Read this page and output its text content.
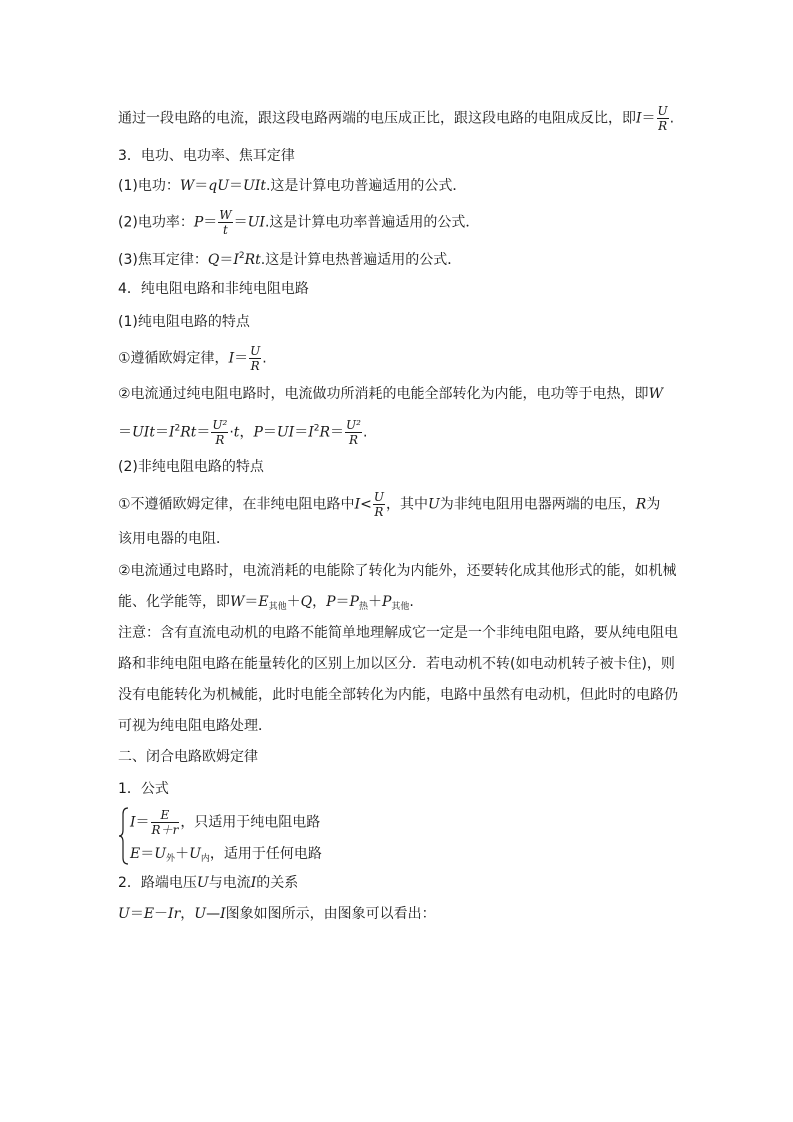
通过一段电路的电流，跟这段电路两端的电压成正比，跟这段电路的电阻成反比，即$I= \frac{U}{R}$ .
3．电功、电功率、焦耳定律
(1)电功：W＝qU＝UIt.这是计算电功普遍适用的公式．
(2)电功率：$P= \frac{W}{t} =UI$.这是计算电功率普遍适用的公式．
(3)焦耳定律：$Q=I^2Rt$.这是计算电热普遍适用的公式．
4．纯电阻电路和非纯电阻电路
(1)纯电阻电路的特点
①遵循欧姆定律，$I= \frac{U}{R}$ .
②电流通过纯电阻电路时，电流做功所消耗的电能全部转化为内能，电功等于电热，即W
$=UIt=I^2Rt= \frac{\text{U²}}{R} \cdot t$，$P=UI=I^2R= \frac{\text{U²}}{R}$ .
(2)非纯电阻电路的特点
①不遵循欧姆定律，在非纯电阻电路中$I< \frac{U}{R}$ ，其中U为非纯电阻用电器两端的电压，R为
该用电器的电阻．
②电流通过电路时，电流消耗的电能除了转化为内能外，还要转化成其他形式的能，如机械
能、化学能等，即$W=E_{其他}+Q$，$P=P_热+P_{其他}$.
注意：含有直流电动机的电路不能简单地理解成它一定是一个非纯电阻电路，要从纯电阻电
路和非纯电阻电路在能量转化的区别上加以区分．若电动机不转(如电动机转子被卡住)，则
没有电能转化为机械能，此时电能全部转化为内能，电路中虽然有电动机，但此时的电路仍
可视为纯电阻电路处理．
二、闭合电路欧姆定律
1．公式
$I= \frac{E}{R+r}$ ，只适用于纯电阻电路
$E=U_外+U_内$，适用于任何电路
2．路端电压U与电流I的关系
U＝E－Ir，U—I图象如图所示，由图象可以看出：
